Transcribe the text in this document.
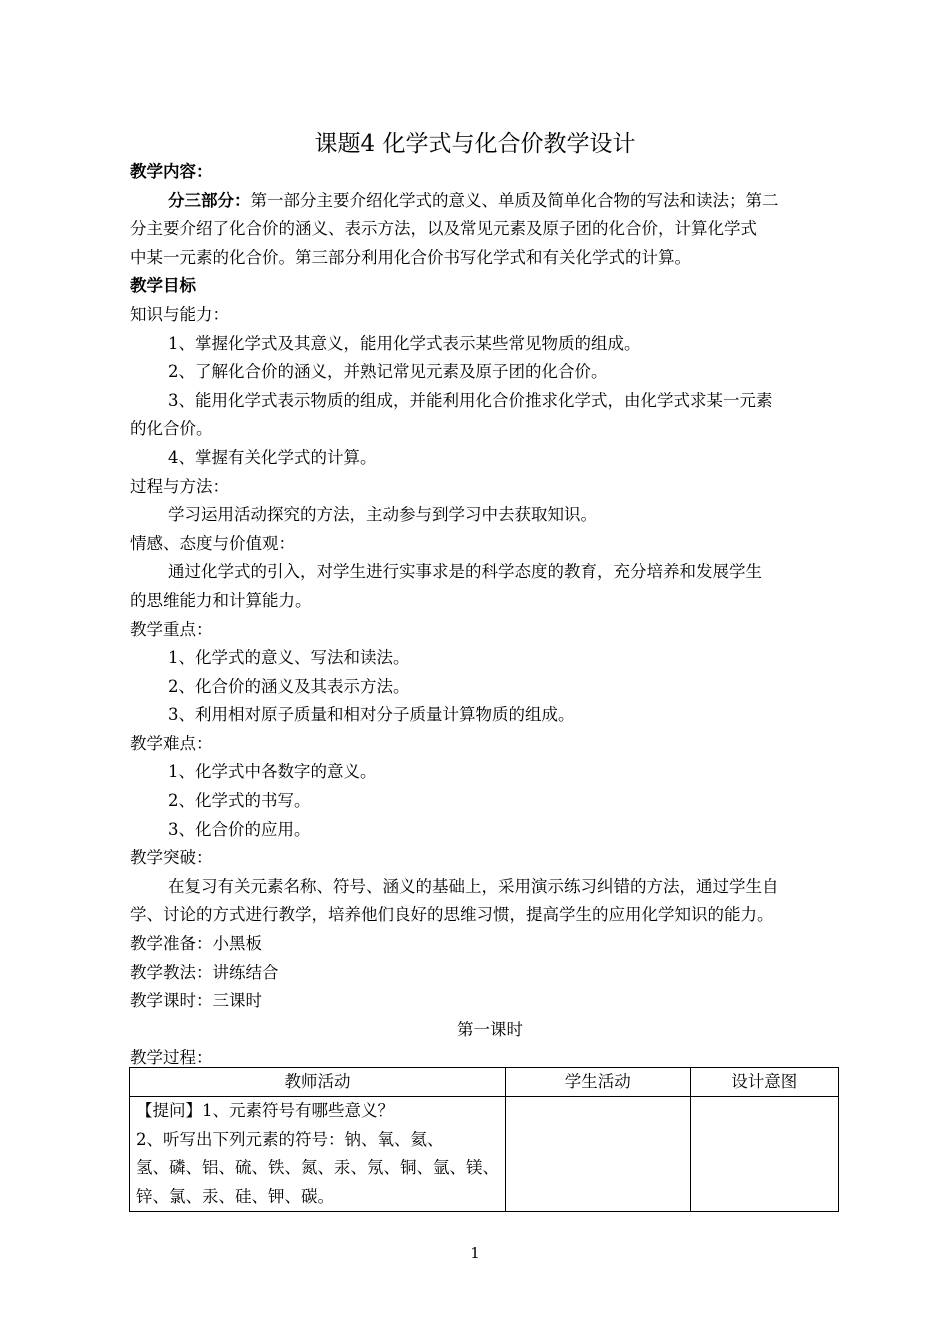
课题4 化学式与化合价教学设计

教学内容：

分三部分：第一部分主要介绍化学式的意义、单质及简单化合物的写法和读法；第二

分主要介绍了化合价的涵义、表示方法，以及常见元素及原子团的化合价，计算化学式

中某一元素的化合价。第三部分利用化合价书写化学式和有关化学式的计算。

教学目标

知识与能力：

1、掌握化学式及其意义，能用化学式表示某些常见物质的组成。

2、了解化合价的涵义，并熟记常见元素及原子团的化合价。

3、能用化学式表示物质的组成，并能利用化合价推求化学式，由化学式求某一元素

的化合价。

4、掌握有关化学式的计算。

过程与方法：

学习运用活动探究的方法，主动参与到学习中去获取知识。

情感、态度与价值观：

通过化学式的引入，对学生进行实事求是的科学态度的教育，充分培养和发展学生

的思维能力和计算能力。

教学重点：

1、化学式的意义、写法和读法。

2、化合价的涵义及其表示方法。

3、利用相对原子质量和相对分子质量计算物质的组成。

教学难点：

1、化学式中各数字的意义。

2、化学式的书写。

3、化合价的应用。

教学突破：

在复习有关元素名称、符号、涵义的基础上，采用演示练习纠错的方法，通过学生自

学、讨论的方式进行教学，培养他们良好的思维习惯，提高学生的应用化学知识的能力。

教学准备：小黑板

教学教法：讲练结合

教学课时：三课时

第一课时

教学过程：

教师活动	学生活动	设计意图

【提问】1、元素符号有哪些意义？
2、听写出下列元素的符号：钠、氧、氦、
氢、磷、铝、硫、铁、氮、汞、氖、铜、氩、镁、
锌、氯、汞、硅、钾、碳。		

1
